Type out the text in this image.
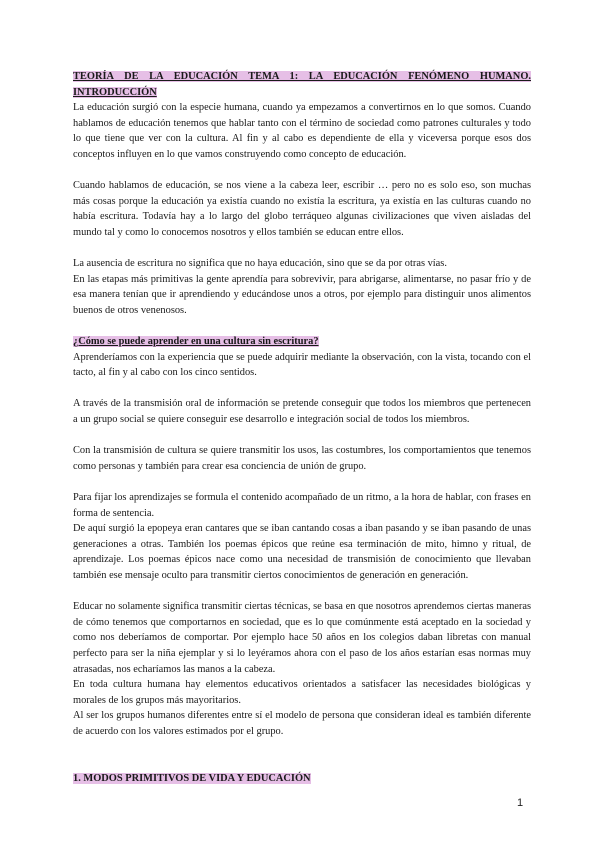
TEORÍA DE LA EDUCACIÓN TEMA 1: LA EDUCACIÓN FENÓMENO HUMANO. INTRODUCCIÓN

La educación surgió con la especie humana, cuando ya empezamos a convertirnos en lo que somos. Cuando hablamos de educación tenemos que hablar tanto con el término de sociedad como patrones culturales y todo lo que tiene que ver con la cultura. Al fin y al cabo es dependiente de ella y viceversa porque esos dos conceptos influyen en lo que vamos construyendo como concepto de educación.

Cuando hablamos de educación, se nos viene a la cabeza leer, escribir … pero no es solo eso, son muchas más cosas porque la educación ya existía cuando no existía la escritura, ya existía en las culturas cuando no había escritura. Todavía hay a lo largo del globo terráqueo algunas civilizaciones que viven aisladas del mundo tal y como lo conocemos nosotros y ellos también se educan entre ellos.

La ausencia de escritura no significa que no haya educación, sino que se da por otras vías.

En las etapas más primitivas la gente aprendía para sobrevivir, para abrigarse, alimentarse, no pasar frío y de esa manera tenían que ir aprendiendo y educándose unos a otros, por ejemplo para distinguir unos alimentos buenos de otros venenosos.

¿Cómo se puede aprender en una cultura sin escritura?

Aprenderíamos con la experiencia que se puede adquirir mediante la observación, con la vista, tocando con el tacto, al fin y al cabo con los cinco sentidos.

A través de la transmisión oral de información se pretende conseguir que todos los miembros que pertenecen a un grupo social se quiere conseguir ese desarrollo e integración social de todos los miembros.

Con la transmisión de cultura se quiere transmitir los usos, las costumbres, los comportamientos que tenemos como personas y también para crear esa conciencia de unión de grupo.

Para fijar los aprendizajes se formula el contenido acompañado de un ritmo, a la hora de hablar, con frases en forma de sentencia.

De aquí surgió la epopeya eran cantares que se iban cantando cosas a iban pasando y se iban pasando de unas generaciones a otras. También los poemas épicos que reúne esa terminación de mito, himno y ritual, de aprendizaje. Los poemas épicos nace como una necesidad de transmisión de conocimiento que llevaban también ese mensaje oculto para transmitir ciertos conocimientos de generación en generación.

Educar no solamente significa transmitir ciertas técnicas, se basa en que nosotros aprendemos ciertas maneras de cómo tenemos que comportarnos en sociedad, que es lo que comúnmente está aceptado en la sociedad y como nos deberíamos de comportar. Por ejemplo hace 50 años en los colegios daban libretas con manual perfecto para ser la niña ejemplar y si lo leyéramos ahora con el paso de los años estarían esas normas muy atrasadas, nos echaríamos las manos a la cabeza.

En toda cultura humana hay elementos educativos orientados a satisfacer las necesidades biológicas y morales de los grupos más mayoritarios.

Al ser los grupos humanos diferentes entre sí el modelo de persona que consideran ideal es también diferente de acuerdo con los valores estimados por el grupo.

1. MODOS PRIMITIVOS DE VIDA Y EDUCACIÓN

1
